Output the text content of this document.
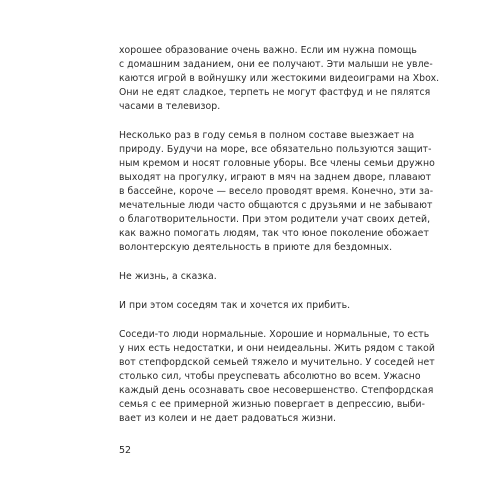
хорошее образование очень важно. Если им нужна помощь
с домашним заданием, они ее получают. Эти малыши не увле-
каются игрой в войнушку или жестокими видеоиграми на Xbox.
Они не едят сладкое, терпеть не могут фастфуд и не пялятся
часами в телевизор.

Несколько раз в году семья в полном составе выезжает на
природу. Будучи на море, все обязательно пользуются защит-
ным кремом и носят головные уборы. Все члены семьи дружно
выходят на прогулку, играют в мяч на заднем дворе, плавают
в бассейне, короче — весело проводят время. Конечно, эти за-
мечательные люди часто общаются с друзьями и не забывают
о благотворительности. При этом родители учат своих детей,
как важно помогать людям, так что юное поколение обожает
волонтерскую деятельность в приюте для бездомных.

Не жизнь, а сказка.

И при этом соседям так и хочется их прибить.

Соседи-то люди нормальные. Хорошие и нормальные, то есть
у них есть недостатки, и они неидеальны. Жить рядом с такой
вот степфордской семьей тяжело и мучительно. У соседей нет
столько сил, чтобы преуспевать абсолютно во всем. Ужасно
каждый день осознавать свое несовершенство. Степфордская
семья с ее примерной жизнью повергает в депрессию, выби-
вает из колеи и не дает радоваться жизни.

52
